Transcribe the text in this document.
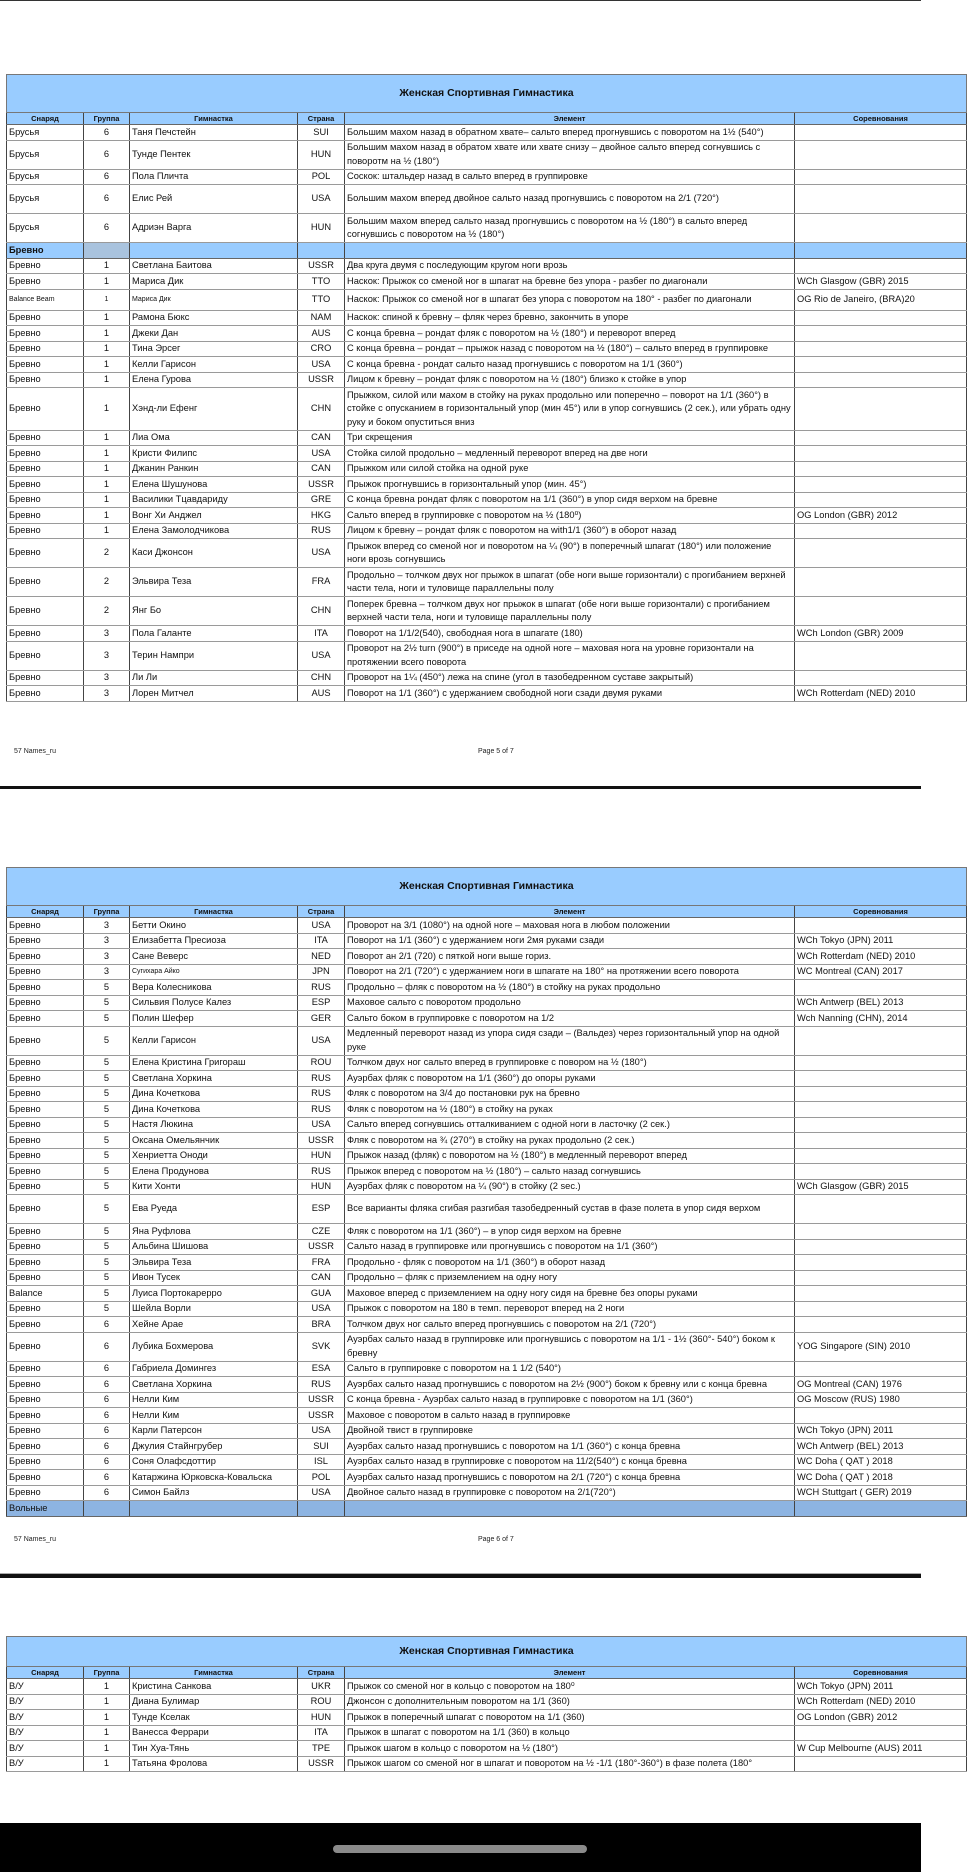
Женская Спортивная Гимнастика					
Снаряд	Группа	Гимнастка	Страна	Элемент	Соревнования
Брусья	6	Таня Печстейн	SUI	Большим махом назад в обратном хвате– сальто вперед прогнувшись с поворотом на 1½ (540°)	
Брусья	6	Тунде Пентек	HUN	Большим махом назад в обратом хвате или хвате снизу – двойное сальто вперед согнувшись с поворотм на ½ (180°)	
Брусья	6	Пола Пличта	POL	Соскок: штальдер назад в сальто вперед в группировке	
Брусья	6	Елис Рей	USA	Большим махом вперед двойное сальто назад прогнувшись с поворотом на 2/1 (720°)	
Брусья	6	Адриэн Варга	HUN	Большим махом вперед сальто назад прогнувшись с поворотом на ½ (180°) в сальто вперед согнувшись с поворотом на ½ (180°)	
Бревно					
Бревно	1	Светлана Баитова	USSR	Два круга двумя с последующим кругом ноги врозь	
Бревно	1	Мариса Дик	TTO	Наскок: Прыжок со сменой ног в шпагат на бревне без упора - разбег по диагонали	WCh Glasgow (GBR) 2015
Balance Beam	1	Мариса Дик	TTO	Наскок: Прыжок со сменой ног в шпагат без упора с поворотом на 180° - разбег по диагонали	OG Rio de Janeiro, (BRA)20
Бревно	1	Рамона Бюкс	NAM	Наскок: спиной к бревну – фляк через бревно, закончить в упоре	
Бревно	1	Джеки Дан	AUS	С конца бревна – рондат фляк с поворотом на ½ (180°) и переворот вперед	
Бревно	1	Тина Эрсег	CRO	С конца бревна – рондат – прыжок назад с поворотом на ½ (180°) – сальто вперед в группировке	
Бревно	1	Келли Гарисон	USA	С конца бревна - рондат сальто назад прогнувшись с поворотом на 1/1 (360°)	
Бревно	1	Елена Гурова	USSR	Лицом к бревну – рондат фляк с поворотом на ½ (180°) близко к стойке в упор	
Бревно	1	Хэнд-ли Ефенг	CHN	Прыжком, силой или махом в стойку на руках продольно или поперечно – поворот на 1/1 (360°) в стойке с опусканием в горизонтальный упор (мин 45°) или в упор согнувшись (2 сек.), или убрать одну руку и боком опуститься вниз	
Бревно	1	Лиа Ома	CAN	Три скрещения	
Бревно	1	Кристи Филипс	USA	Стойка силой продольно – медленный переворот вперед на две ноги	
Бревно	1	Джанин Ранкин	CAN	Прыжком или силой стойка на одной руке	
Бревно	1	Елена Шушунова	USSR	Прыжок прогнувшись в горизонтальный упор (мин. 45°)	
Бревно	1	Василики Тцавдариду	GRE	С конца бревна рондат фляк с поворотом на 1/1 (360°) в упор сидя верхом на бревне	
Бревно	1	Вонг Хи Анджел	HKG	Сальто вперед в группировке с поворотом на ½ (180⁰)	OG London (GBR) 2012
Бревно	1	Елена Замолодчикова	RUS	Лицом к бревну – рондат фляк с поворотом на with1/1 (360°) в оборот назад	
Бревно	2	Каси Джонсон	USA	Прыжок вперед со сменой ног и поворотом на ¼ (90°) в поперечный шпагат (180°) или положение ноги врозь согнувшись	
Бревно	2	Эльвира Теза	FRA	Продольно – толчком двух ног прыжок в шпагат (обе ноги выше горизонтали) с прогибанием верхней части тела, ноги и туловище параллельны полу	
Бревно	2	Янг Бо	CHN	Поперек бревна – толчком двух ног прыжок в шпагат (обе ноги выше горизонтали) с прогибанием верхней части тела, ноги и туловище параллельны полу	
Бревно	3	Пола Галанте	ITA	Поворот на 1/1/2(540), свободная нога в шпагате (180)	WCh London (GBR) 2009
Бревно	3	Терин Нампри	USA	Проворот на 2½ turn (900°) в приседе на одной ноге – маховая нога на уровне горизонтали на протяжении всего поворота	
Бревно	3	Ли Ли	CHN	Проворот на 1¼ (450°) лежа на спине (угол в тазобедренном суставе закрытый)	
Бревно	3	Лорен Митчел	AUS	Поворот на 1/1 (360°) с удержанием свободной ноги сзади двумя руками	WCh Rotterdam (NED) 2010
57 Names_ru	Page 5 of 7
Женская Спортивная Гимнастика					
Снаряд	Группа	Гимнастка	Страна	Элемент	Соревнования
Бревно	3	Бетти Окино	USA	Проворот на 3/1 (1080°) на одной ноге – маховая нога в любом положении	
Бревно	3	Елизабетта Пресиоза	ITA	Поворот на 1/1 (360°) с удержанием ноги 2мя руками сзади	WCh Tokyo (JPN) 2011
Бревно	3	Сане Веверс	NED	Поворот ан 2/1 (720) с пяткой ноги выше гориз.	WCh Rotterdam (NED) 2010
Бревно	3	Сугихара Айко	JPN	Поворот на 2/1 (720°) с удержанием ноги в шпагате на 180° на протяжении всего поворота	WC Montreal (CAN) 2017
Бревно	5	Вера Колесникова	RUS	Продольно – фляк с поворотом на ½ (180°) в стойку на руках продольно	
Бревно	5	Сильвия Полусе Калез	ESP	Маховое сальто с поворотом продольно	WCh Antwerp (BEL) 2013
Бревно	5	Полин Шефер	GER	Сальто боком в группировке с поворотом на 1/2	Wch Nanning (CHN), 2014
Бревно	5	Келли Гарисон	USA	Медленный переворот назад из упора сидя сзади – (Вальдез) через горизонтальный упор на одной руке	
Бревно	5	Елена Кристина Григораш	ROU	Толчком двух ног сальто вперед в группировке с повором на ½ (180°)	
Бревно	5	Светлана Хоркина	RUS	Ауэрбах фляк с поворотом на 1/1 (360°) до опоры руками	
Бревно	5	Дина Кочеткова	RUS	Фляк с поворотом на 3/4 до постановки рук на бревно	
Бревно	5	Дина Кочеткова	RUS	Фляк с поворотом на ½ (180°) в стойку на руках	
Бревно	5	Настя Люкина	USA	Сальто вперед согнувшись отталкиванием с одной ноги в ласточку (2 сек.)	
Бревно	5	Оксана Омельянчик	USSR	Фляк с поворотом на ¾ (270°) в стойку на руках продольно (2 сек.)	
Бревно	5	Хенриетта Оноди	HUN	Прыжок назад (фляк) с поворотом на ½ (180°) в медленный переворот вперед	
Бревно	5	Елена Продунова	RUS	Прыжок вперед с поворотом на ½ (180°) – сальто назад согнувшись	
Бревно	5	Кити Хонти	HUN	Ауэрбах фляк с поворотом на ¼ (90°) в стойку (2 sec.)	WCh Glasgow (GBR) 2015
Бревно	5	Ева Руеда	ESP	Все варианты фляка сгибая разгибая тазобедренный сустав в фазе полета в упор сидя верхом	
Бревно	5	Яна Руфлова	CZE	Фляк с поворотом на 1/1 (360°) – в упор сидя верхом на бревне	
Бревно	5	Альбина Шишова	USSR	Сальто назад в группировке или прогнувшись с поворотом на 1/1 (360°)	
Бревно	5	Эльвира Теза	FRA	Продольно - фляк с поворотом на 1/1 (360°) в оборот назад	
Бревно	5	Ивон Тусек	CAN	Продольно – фляк с приземлением на одну ногу	
Balance	5	Луиса Портокарерро	GUA	Маховое вперед с приземлением на одну ногу сидя на бревне без опоры руками	
Бревно	5	Шейла Ворли	USA	Прыжок с поворотом на 180 в темп. переворот вперед на 2 ноги	
Бревно	6	Хейне Арае	BRA	Толчком двух ног сальто вперед прогнувшись с поворотом на 2/1 (720°)	
Бревно	6	Лубика Бохмерова	SVK	Ауэрбах сальто назад в группировке или прогнувшись с поворотом на 1/1 - 1½ (360°- 540°) боком к бревну	YOG Singapore (SIN) 2010
Бревно	6	Габриела Домингез	ESA	Сальто в группировке с поворотом на 1 1/2 (540°)	
Бревно	6	Светлана Хоркина	RUS	Ауэрбах сальто назад прогнувшись с поворотом на 2½ (900°) боком к бревну или с конца бревна	OG Montreal (CAN) 1976
Бревно	6	Нелли Ким	USSR	С конца бревна - Ауэрбах сальто назад в группировке с поворотом на 1/1 (360°)	OG Moscow (RUS) 1980
Бревно	6	Нелли Ким	USSR	Маховое с поворотом в сальто назад в группировке	
Бревно	6	Карли Патерсон	USA	Двойной твист в группировке	WCh Tokyo (JPN) 2011
Бревно	6	Джулия Стайнгрубер	SUI	Ауэрбах сальто назад прогнувшись с поворотом на 1/1 (360°) с конца бревна	WCh Antwerp (BEL) 2013
Бревно	6	Соня Олафсдоттир	ISL	Ауэрбах сальто назад в группировке с поворотом на 11/2(540°) с конца бревна	WC Doha ( QAT ) 2018
Бревно	6	Катаржина Юрковска-Ковальска	POL	Ауэрбах сальто назад прогнувшись с поворотом на 2/1 (720°) с конца бревна	WC Doha ( QAT ) 2018
Бревно	6	Симон Байлз	USA	Двойное сальто назад в группировке с поворотом на 2/1(720°)	WCH Stuttgart ( GER) 2019
Вольные					
57 Names_ru	Page 6 of 7
Женская Спортивная Гимнастика					
Снаряд	Группа	Гимнастка	Страна	Элемент	Соревнования
В/У	1	Кристина Санкова	UKR	Прыжок со сменой ног в кольцо с поворотом на 180⁰	WCh Tokyo (JPN) 2011
В/У	1	Диана Булимар	ROU	Джонсон с дополнительным поворотом на 1/1 (360)	WCh Rotterdam (NED) 2010
В/У	1	Тунде Кселак	HUN	Прыжок в поперечный шпагат с поворотом на 1/1 (360)	OG London (GBR) 2012
В/У	1	Ванесса Феррари	ITA	Прыжок в шпагат с поворотом на 1/1 (360) в кольцо	
В/У	1	Тин Хуа-Тянь	TPE	Прыжок шагом в кольцо с поворотом на ½ (180°)	W Cup Melbourne (AUS) 2011
В/У	1	Татьяна Фролова	USSR	Прыжок шагом со сменой ног в шпагат и поворотом на ½ -1/1 (180°-360°) в фазе полета (180°	
